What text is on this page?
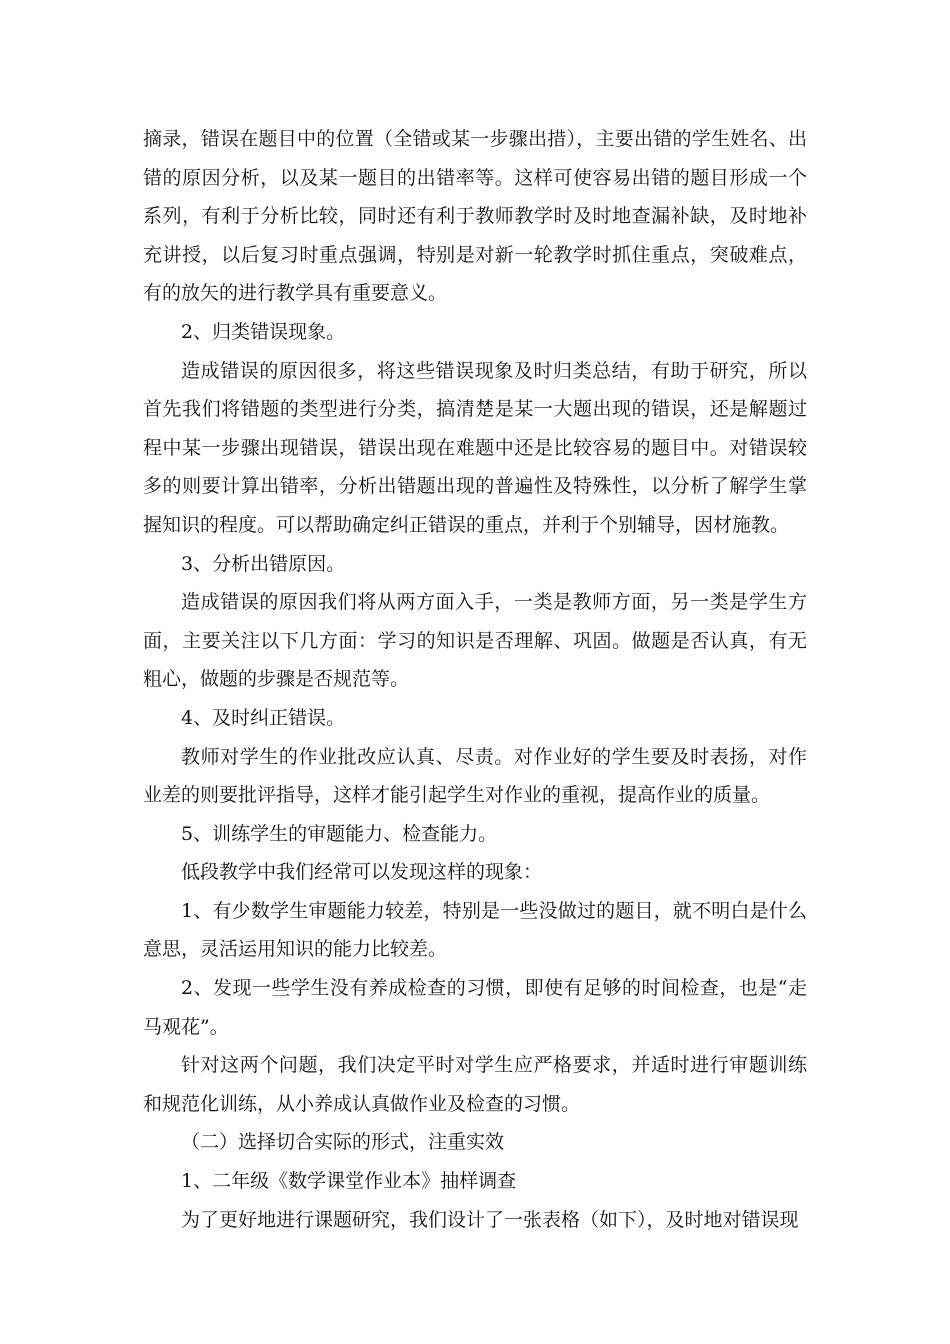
摘录，错误在题目中的位置（全错或某一步骤出措），主要出错的学生姓名、出错的原因分析，以及某一题目的出错率等。这样可使容易出错的题目形成一个系列，有利于分析比较，同时还有利于教师教学时及时地查漏补缺，及时地补充讲授，以后复习时重点强调，特别是对新一轮教学时抓住重点，突破难点，有的放矢的进行教学具有重要意义。

2、归类错误现象。

造成错误的原因很多，将这些错误现象及时归类总结，有助于研究，所以首先我们将错题的类型进行分类，搞清楚是某一大题出现的错误，还是解题过程中某一步骤出现错误，错误出现在难题中还是比较容易的题目中。对错误较多的则要计算出错率，分析出错题出现的普遍性及特殊性，以分析了解学生掌握知识的程度。可以帮助确定纠正错误的重点，并利于个别辅导，因材施教。

3、分析出错原因。

造成错误的原因我们将从两方面入手，一类是教师方面，另一类是学生方面，主要关注以下几方面：学习的知识是否理解、巩固。做题是否认真，有无粗心，做题的步骤是否规范等。

4、及时纠正错误。

教师对学生的作业批改应认真、尽责。对作业好的学生要及时表扬，对作业差的则要批评指导，这样才能引起学生对作业的重视，提高作业的质量。

5、训练学生的审题能力、检查能力。

低段教学中我们经常可以发现这样的现象：

1、有少数学生审题能力较差，特别是一些没做过的题目，就不明白是什么意思，灵活运用知识的能力比较差。

2、发现一些学生没有养成检查的习惯，即使有足够的时间检查，也是“走马观花”。

针对这两个问题，我们决定平时对学生应严格要求，并适时进行审题训练和规范化训练，从小养成认真做作业及检查的习惯。

（二）选择切合实际的形式，注重实效

1、二年级《数学课堂作业本》抽样调查

为了更好地进行课题研究，我们设计了一张表格（如下），及时地对错误现
